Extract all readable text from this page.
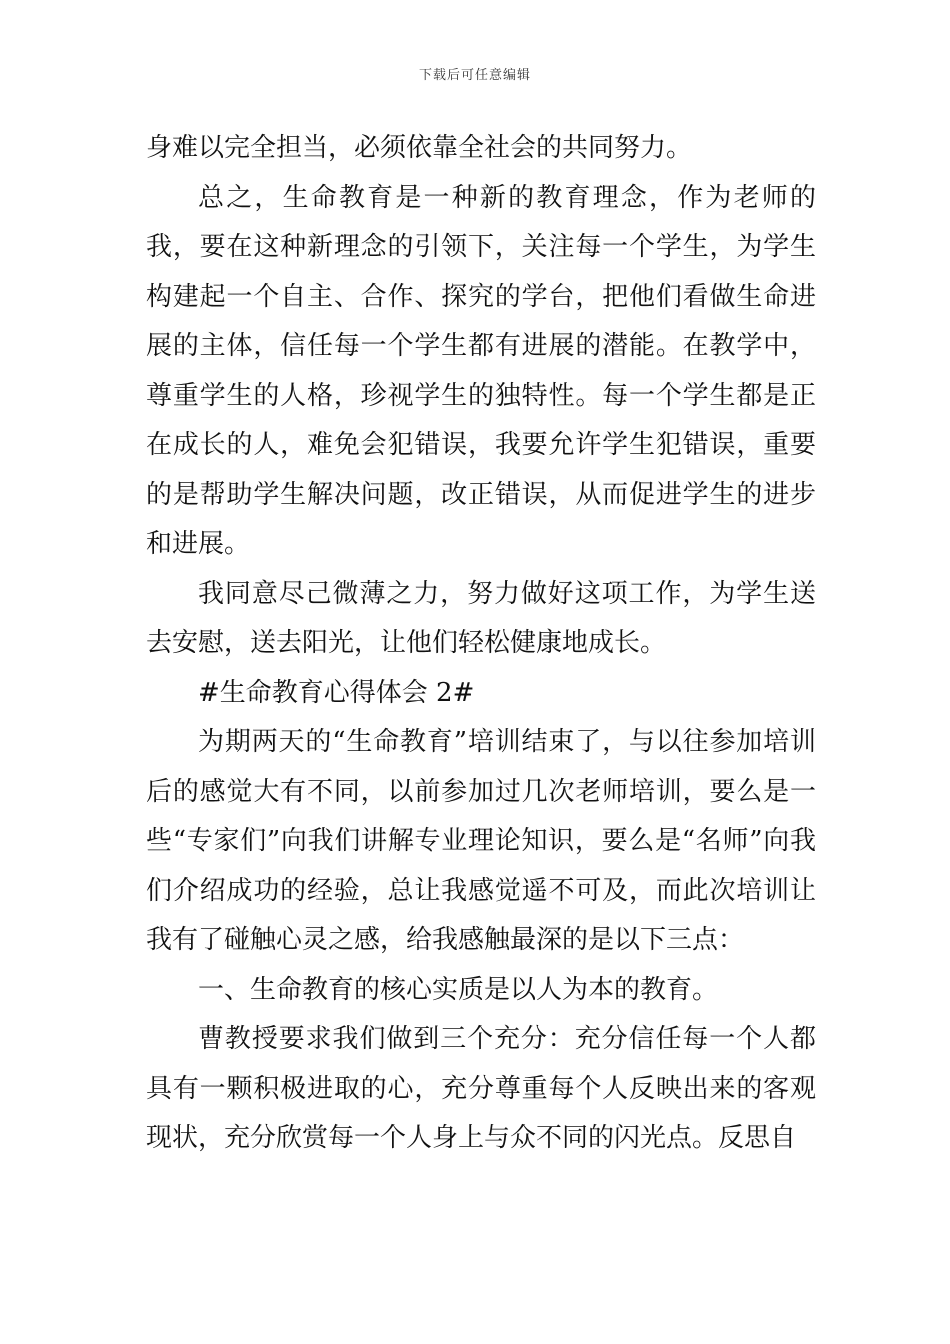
下载后可任意编辑

身难以完全担当，必须依靠全社会的共同努力。

总之，生命教育是一种新的教育理念，作为老师的我，要在这种新理念的引领下，关注每一个学生，为学生构建起一个自主、合作、探究的学台，把他们看做生命进展的主体，信任每一个学生都有进展的潜能。在教学中，尊重学生的人格，珍视学生的独特性。每一个学生都是正在成长的人，难免会犯错误，我要允许学生犯错误，重要的是帮助学生解决问题，改正错误，从而促进学生的进步和进展。

我同意尽己微薄之力，努力做好这项工作，为学生送去安慰，送去阳光，让他们轻松健康地成长。

#生命教育心得体会 2#

为期两天的“生命教育”培训结束了，与以往参加培训后的感觉大有不同，以前参加过几次老师培训，要么是一些“专家们”向我们讲解专业理论知识，要么是“名师”向我们介绍成功的经验，总让我感觉遥不可及，而此次培训让我有了碰触心灵之感，给我感触最深的是以下三点：

一、生命教育的核心实质是以人为本的教育。

曹教授要求我们做到三个充分：充分信任每一个人都具有一颗积极进取的心，充分尊重每个人反映出来的客观现状，充分欣赏每一个人身上与众不同的闪光点。反思自
